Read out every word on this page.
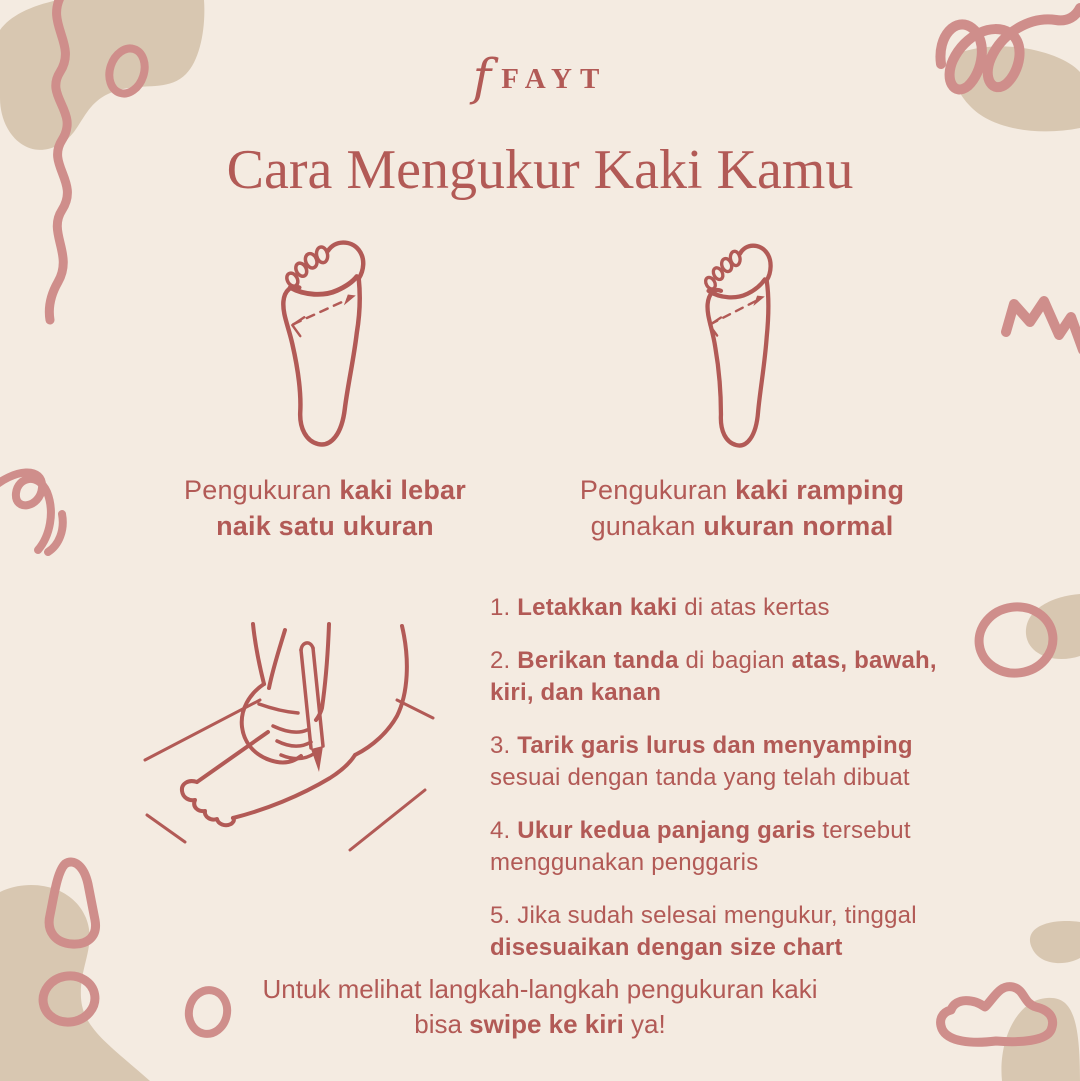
f FAYT
Cara Mengukur Kaki Kamu

Pengukuran kaki lebar naik satu ukuran

Pengukuran kaki ramping gunakan ukuran normal

1. Letakkan kaki di atas kertas

2. Berikan tanda di bagian atas, bawah, kiri, dan kanan

3. Tarik garis lurus dan menyamping sesuai dengan tanda yang telah dibuat

4. Ukur kedua panjang garis tersebut menggunakan penggaris

5. Jika sudah selesai mengukur, tinggal disesuaikan dengan size chart

Untuk melihat langkah-langkah pengukuran kaki bisa swipe ke kiri ya!
